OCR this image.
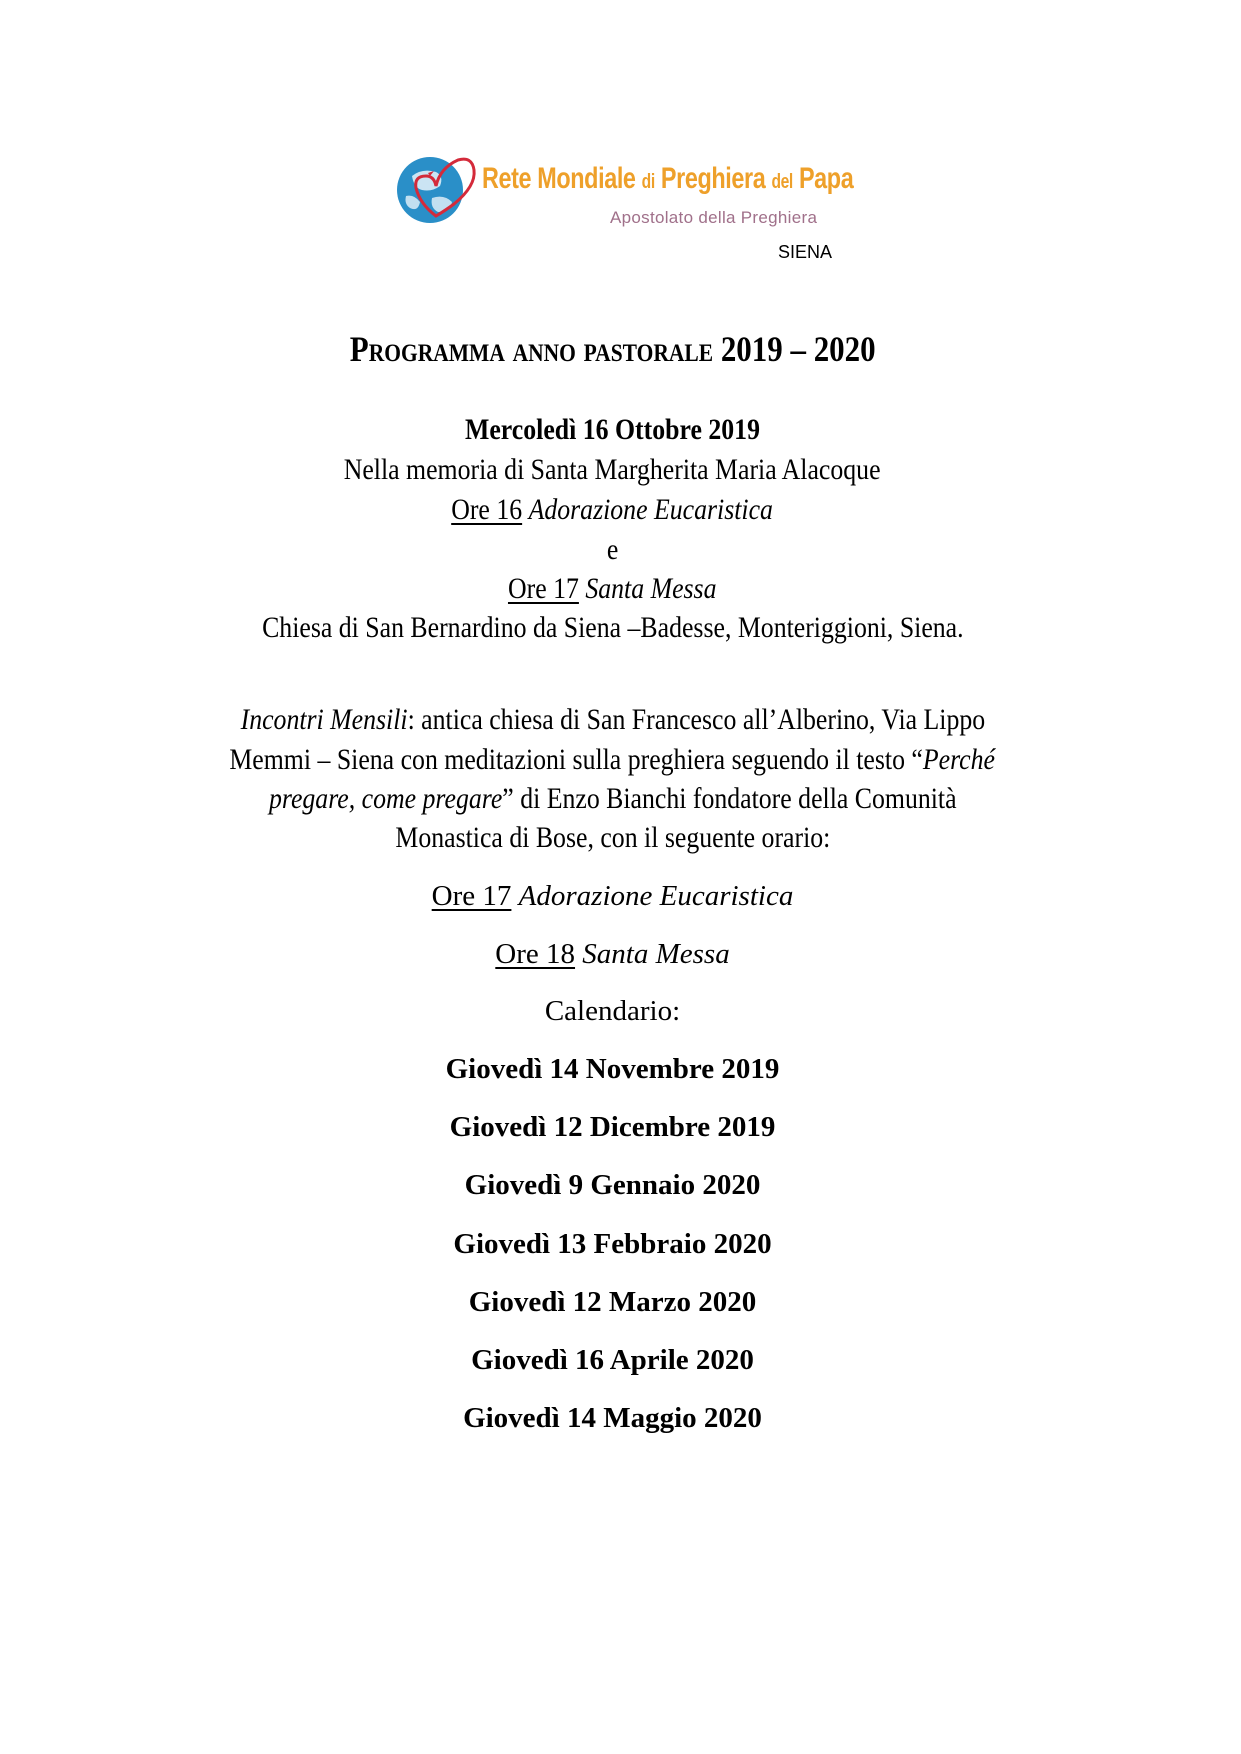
Rete Mondiale di Preghiera del Papa
Apostolato della Preghiera
SIENA
Programma anno pastorale 2019 – 2020
Mercoledì 16 Ottobre 2019
Nella memoria di Santa Margherita Maria Alacoque
Ore 16 Adorazione Eucaristica
e
Ore 17 Santa Messa
Chiesa di San Bernardino da Siena –Badesse, Monteriggioni, Siena.
Incontri Mensili: antica chiesa di San Francesco all’Alberino, Via Lippo
Memmi – Siena con meditazioni sulla preghiera seguendo il testo “Perché
pregare, come pregare” di Enzo Bianchi fondatore della Comunità
Monastica di Bose, con il seguente orario:
Ore 17 Adorazione Eucaristica
Ore 18 Santa Messa
Calendario:
Giovedì 14 Novembre 2019
Giovedì 12 Dicembre 2019
Giovedì 9 Gennaio 2020
Giovedì 13 Febbraio 2020
Giovedì 12 Marzo 2020
Giovedì 16 Aprile 2020
Giovedì 14 Maggio 2020
